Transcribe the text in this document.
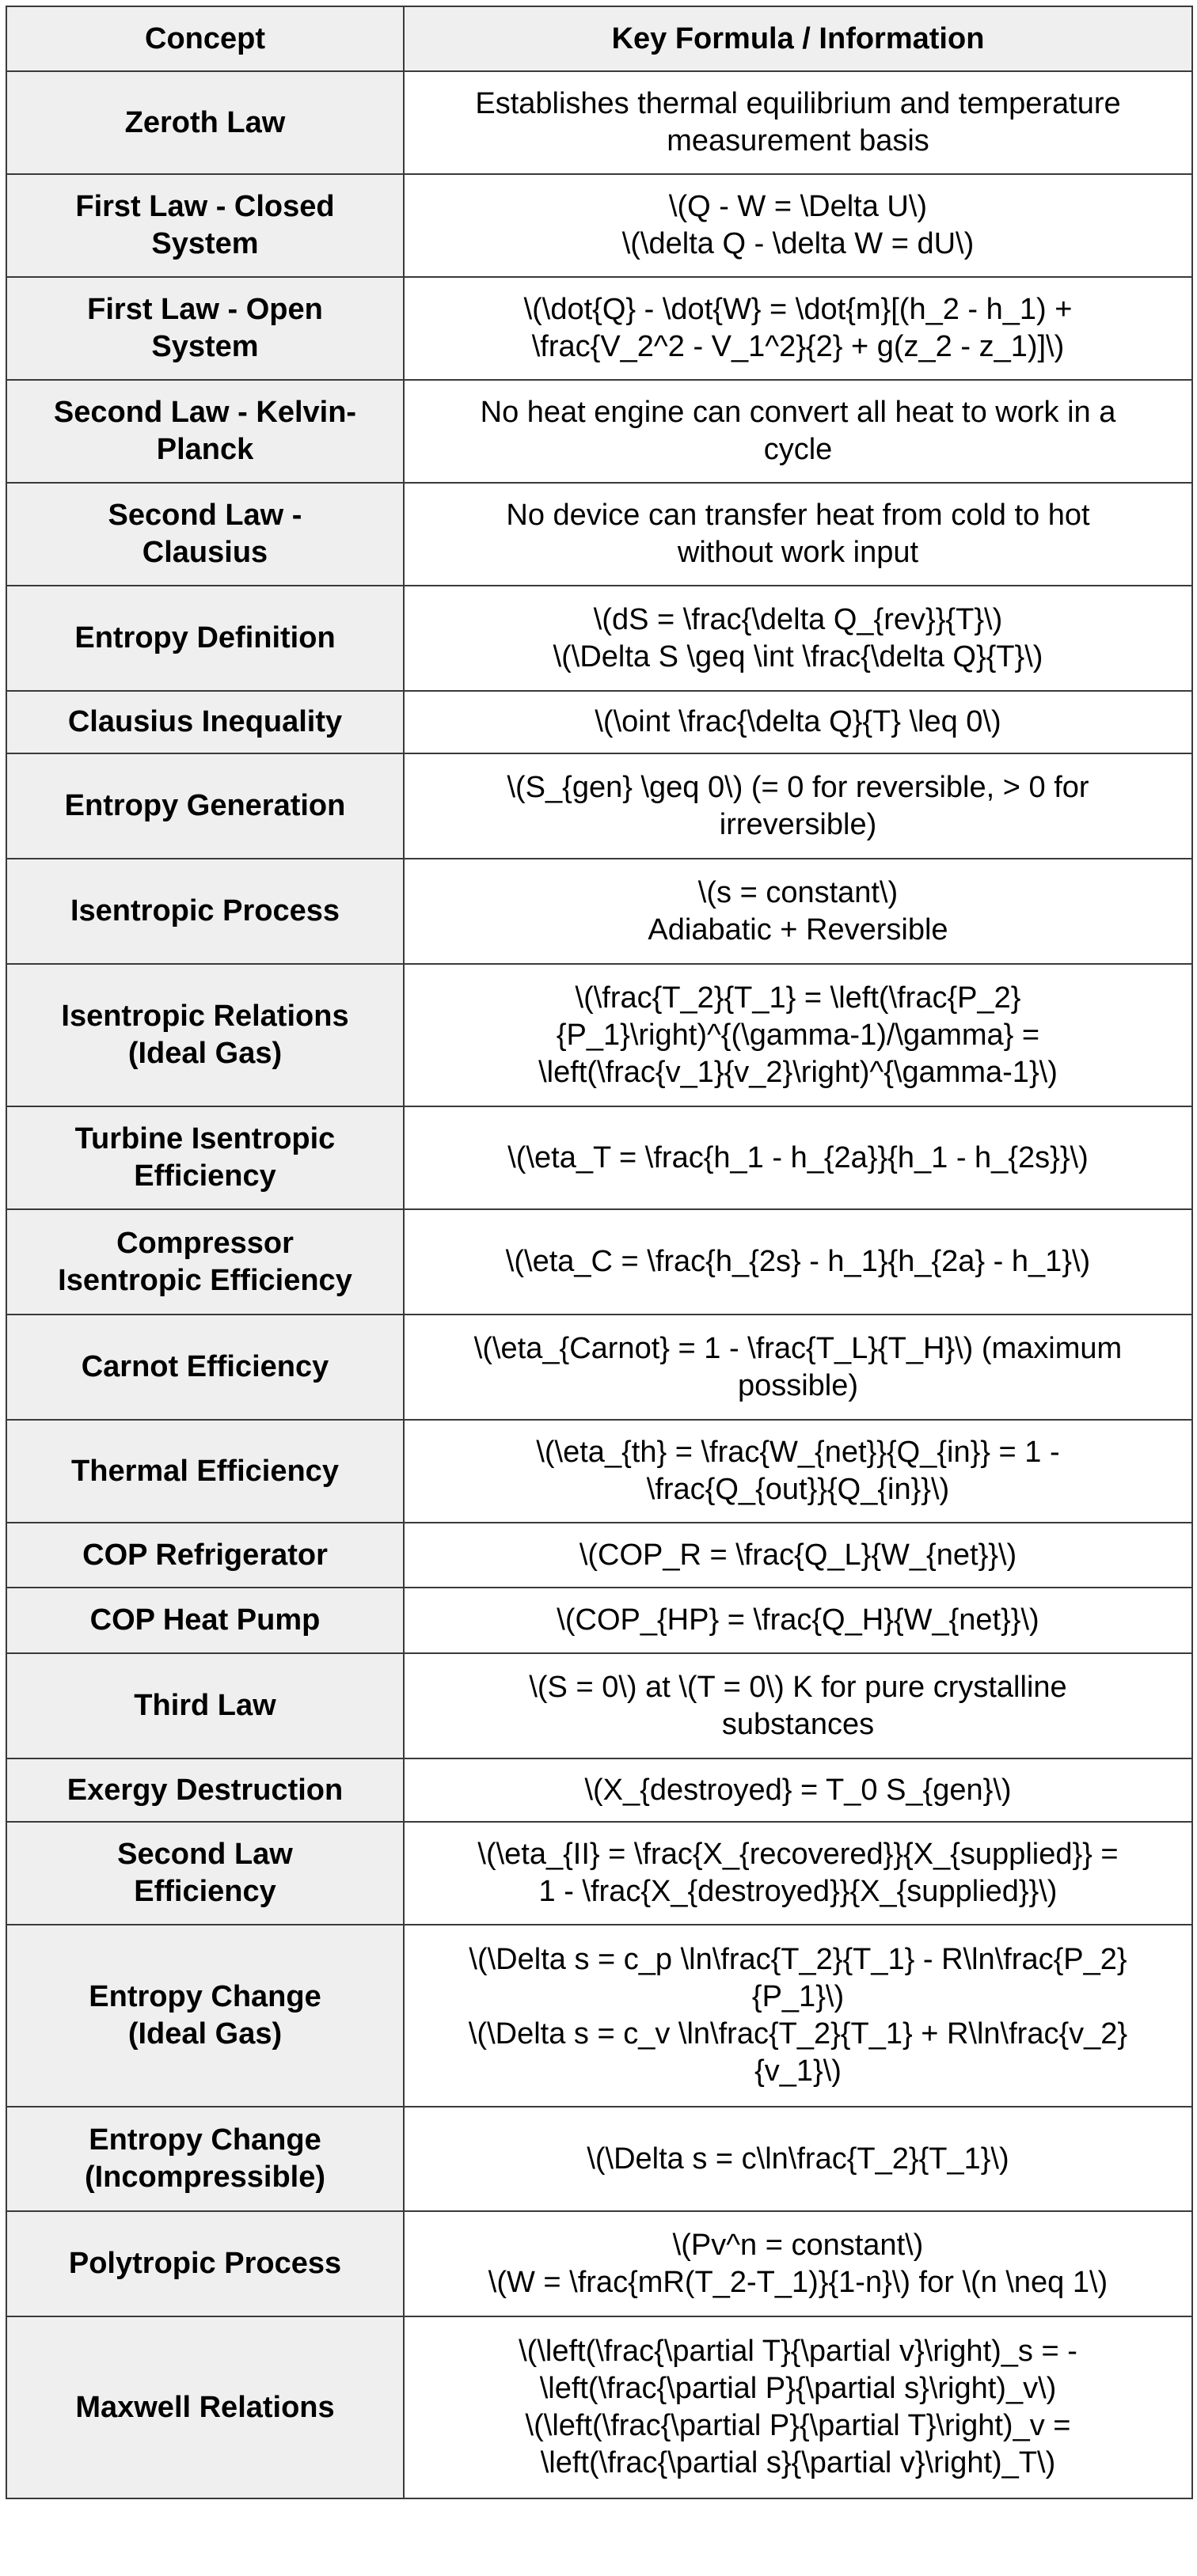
Concept	Key Formula / Information

Zeroth Law	Establishes thermal equilibrium and temperature
measurement basis

First Law - Closed
System	\(Q - W = \Delta U\)
\(\delta Q - \delta W = dU\)

First Law - Open
System	\(\dot{Q} - \dot{W} = \dot{m}[(h_2 - h_1) +
\frac{V_2^2 - V_1^2}{2} + g(z_2 - z_1)]\)

Second Law - Kelvin-
Planck	No heat engine can convert all heat to work in a
cycle

Second Law -
Clausius	No device can transfer heat from cold to hot
without work input

Entropy Definition	\(dS = \frac{\delta Q_{rev}}{T}\)
\(\Delta S \geq \int \frac{\delta Q}{T}\)

Clausius Inequality	\(\oint \frac{\delta Q}{T} \leq 0\)

Entropy Generation	\(S_{gen} \geq 0\) (= 0 for reversible, > 0 for
irreversible)

Isentropic Process	\(s = constant\)
Adiabatic + Reversible

Isentropic Relations
(Ideal Gas)	\(\frac{T_2}{T_1} = \left(\frac{P_2}
{P_1}\right)^{(\gamma-1)/\gamma} =
\left(\frac{v_1}{v_2}\right)^{\gamma-1}\)

Turbine Isentropic
Efficiency	\(\eta_T = \frac{h_1 - h_{2a}}{h_1 - h_{2s}}\)

Compressor
Isentropic Efficiency	\(\eta_C = \frac{h_{2s} - h_1}{h_{2a} - h_1}\)

Carnot Efficiency	\(\eta_{Carnot} = 1 - \frac{T_L}{T_H}\) (maximum
possible)

Thermal Efficiency	\(\eta_{th} = \frac{W_{net}}{Q_{in}} = 1 -
\frac{Q_{out}}{Q_{in}}\)

COP Refrigerator	\(COP_R = \frac{Q_L}{W_{net}}\)

COP Heat Pump	\(COP_{HP} = \frac{Q_H}{W_{net}}\)

Third Law	\(S = 0\) at \(T = 0\) K for pure crystalline
substances

Exergy Destruction	\(X_{destroyed} = T_0 S_{gen}\)

Second Law
Efficiency	\(\eta_{II} = \frac{X_{recovered}}{X_{supplied}} =
1 - \frac{X_{destroyed}}{X_{supplied}}\)

Entropy Change
(Ideal Gas)	\(\Delta s = c_p \ln\frac{T_2}{T_1} - R\ln\frac{P_2}
{P_1}\)
\(\Delta s = c_v \ln\frac{T_2}{T_1} + R\ln\frac{v_2}
{v_1}\)

Entropy Change
(Incompressible)	\(\Delta s = c\ln\frac{T_2}{T_1}\)

Polytropic Process	\(Pv^n = constant\)
\(W = \frac{mR(T_2-T_1)}{1-n}\) for \(n \neq 1\)

Maxwell Relations	\(\left(\frac{\partial T}{\partial v}\right)_s = -
\left(\frac{\partial P}{\partial s}\right)_v\)
\(\left(\frac{\partial P}{\partial T}\right)_v =
\left(\frac{\partial s}{\partial v}\right)_T\)
